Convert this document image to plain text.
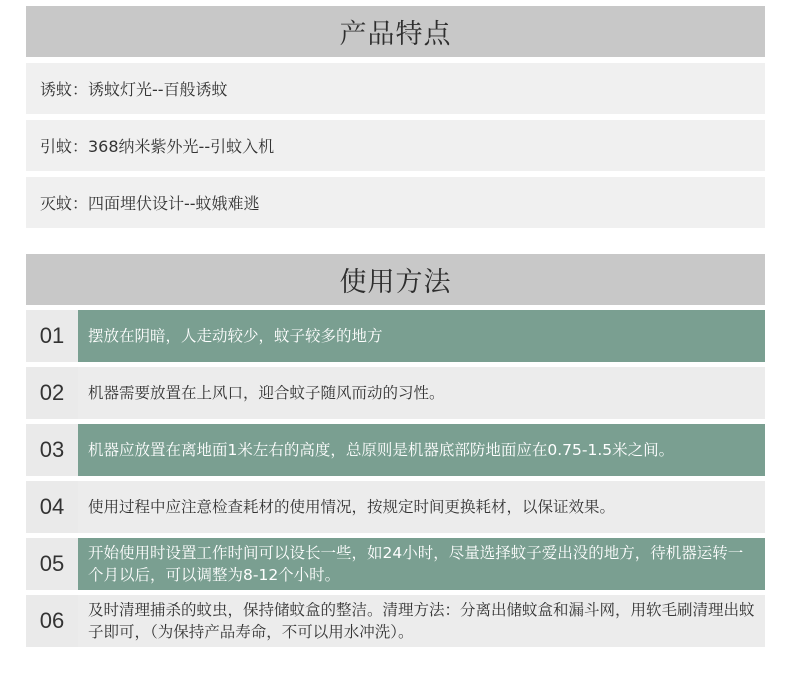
产品特点
诱蚊：诱蚊灯光--百般诱蚊
引蚊：368纳米紫外光--引蚊入机
灭蚊：四面埋伏设计--蚊娥难逃
使用方法
01	摆放在阴暗，人走动较少，蚊子较多的地方
02	机器需要放置在上风口，迎合蚊子随风而动的习性。
03	机器应放置在离地面1米左右的高度，总原则是机器底部防地面应在0.75-1.5米之间。
04	使用过程中应注意检查耗材的使用情况，按规定时间更换耗材，以保证效果。
05	开始使用时设置工作时间可以设长一些，如24小时，尽量选择蚊子爱出没的地方，待机器运转一个月以后，可以调整为8-12个小时。
06	及时清理捕杀的蚊虫，保持储蚊盒的整洁。清理方法：分离出储蚊盒和漏斗网，用软毛刷清理出蚊子即可，（为保持产品寿命，不可以用水冲洗）。
